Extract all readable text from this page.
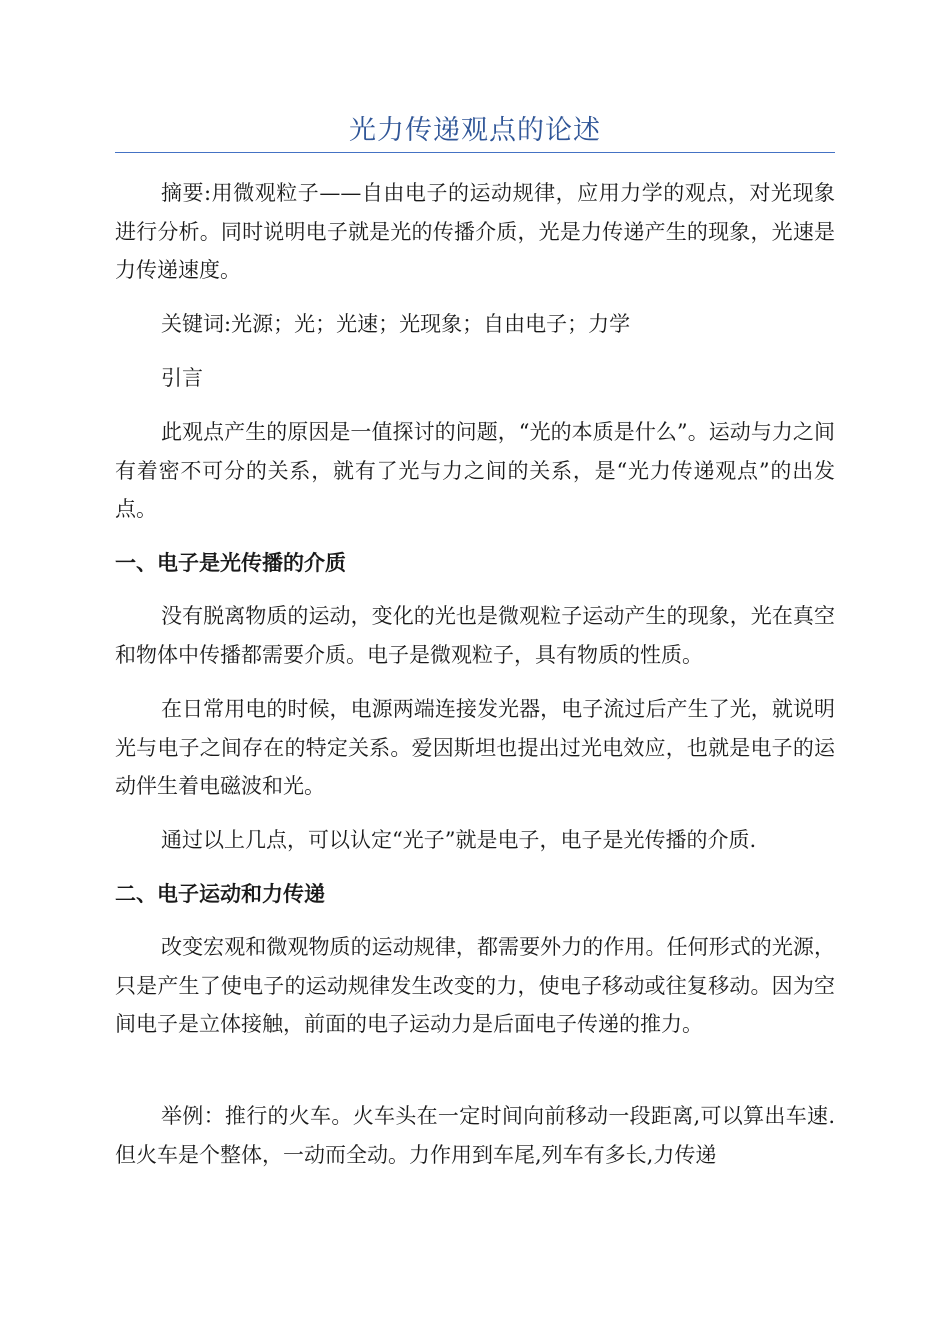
光力传递观点的论述

摘要:用微观粒子——自由电子的运动规律，应用力学的观点，对光现象进行分析。同时说明电子就是光的传播介质，光是力传递产生的现象，光速是力传递速度。

关键词:光源；光；光速；光现象；自由电子；力学

引言

此观点产生的原因是一值探讨的问题，“光的本质是什么”。运动与力之间有着密不可分的关系，就有了光与力之间的关系，是“光力传递观点”的出发点。

一、电子是光传播的介质

没有脱离物质的运动，变化的光也是微观粒子运动产生的现象，光在真空和物体中传播都需要介质。电子是微观粒子，具有物质的性质。

在日常用电的时候，电源两端连接发光器，电子流过后产生了光，就说明光与电子之间存在的特定关系。爱因斯坦也提出过光电效应，也就是电子的运动伴生着电磁波和光。

通过以上几点，可以认定“光子”就是电子，电子是光传播的介质.

二、电子运动和力传递

改变宏观和微观物质的运动规律，都需要外力的作用。任何形式的光源，只是产生了使电子的运动规律发生改变的力，使电子移动或往复移动。因为空间电子是立体接触，前面的电子运动力是后面电子传递的推力。

举例：推行的火车。火车头在一定时间向前移动一段距离,可以算出车速.但火车是个整体，一动而全动。力作用到车尾,列车有多长,力传递
